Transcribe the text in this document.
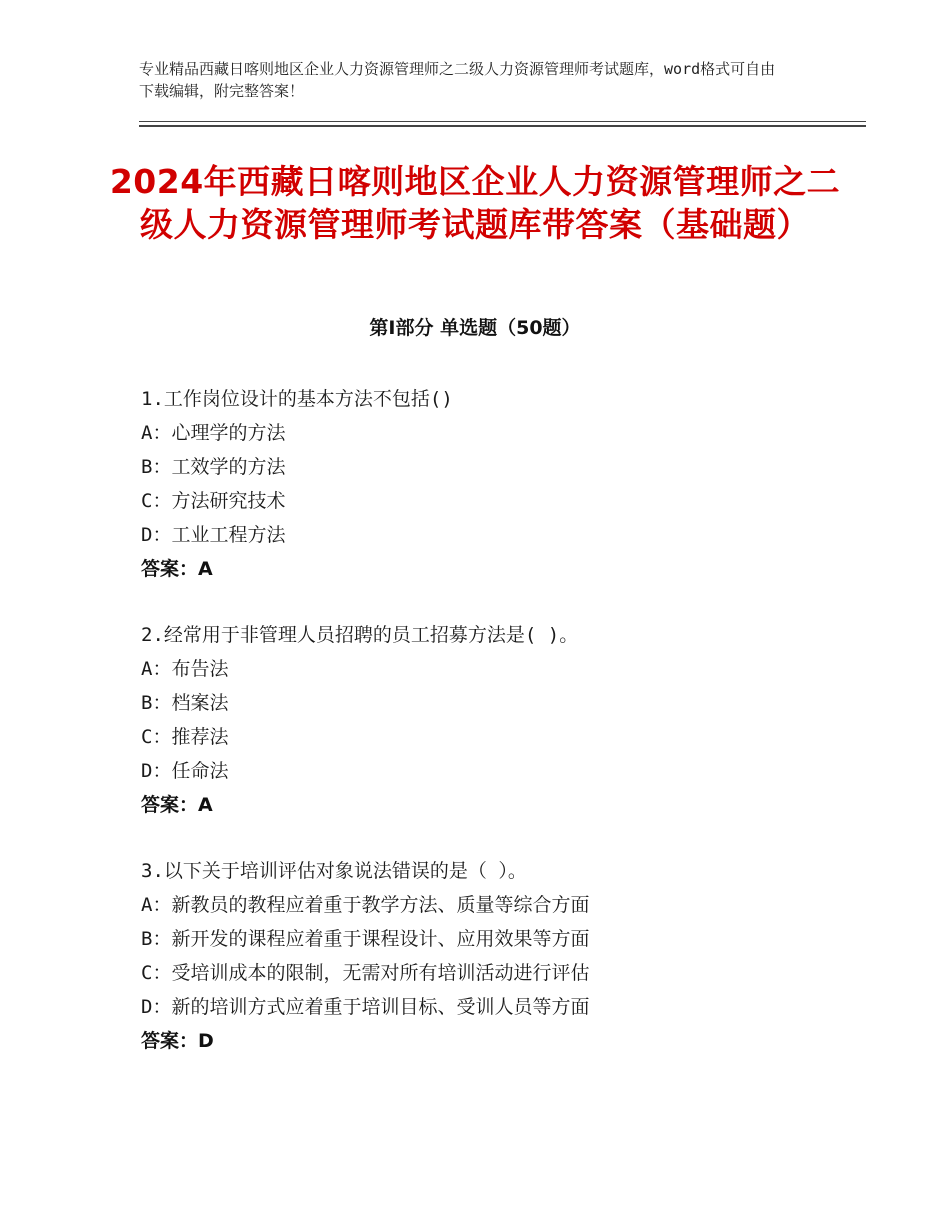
专业精品西藏日喀则地区企业人力资源管理师之二级人力资源管理师考试题库，word格式可自由下载编辑，附完整答案！
2024年西藏日喀则地区企业人力资源管理师之二级人力资源管理师考试题库带答案（基础题）
第Ⅰ部分 单选题（50题）
1.工作岗位设计的基本方法不包括()
A：心理学的方法
B：工效学的方法
C：方法研究技术
D：工业工程方法
答案：A
2.经常用于非管理人员招聘的员工招募方法是( )。
A：布告法
B：档案法
C：推荐法
D：任命法
答案：A
3.以下关于培训评估对象说法错误的是（ ）。
A：新教员的教程应着重于教学方法、质量等综合方面
B：新开发的课程应着重于课程设计、应用效果等方面
C：受培训成本的限制，无需对所有培训活动进行评估
D：新的培训方式应着重于培训目标、受训人员等方面
答案：D
